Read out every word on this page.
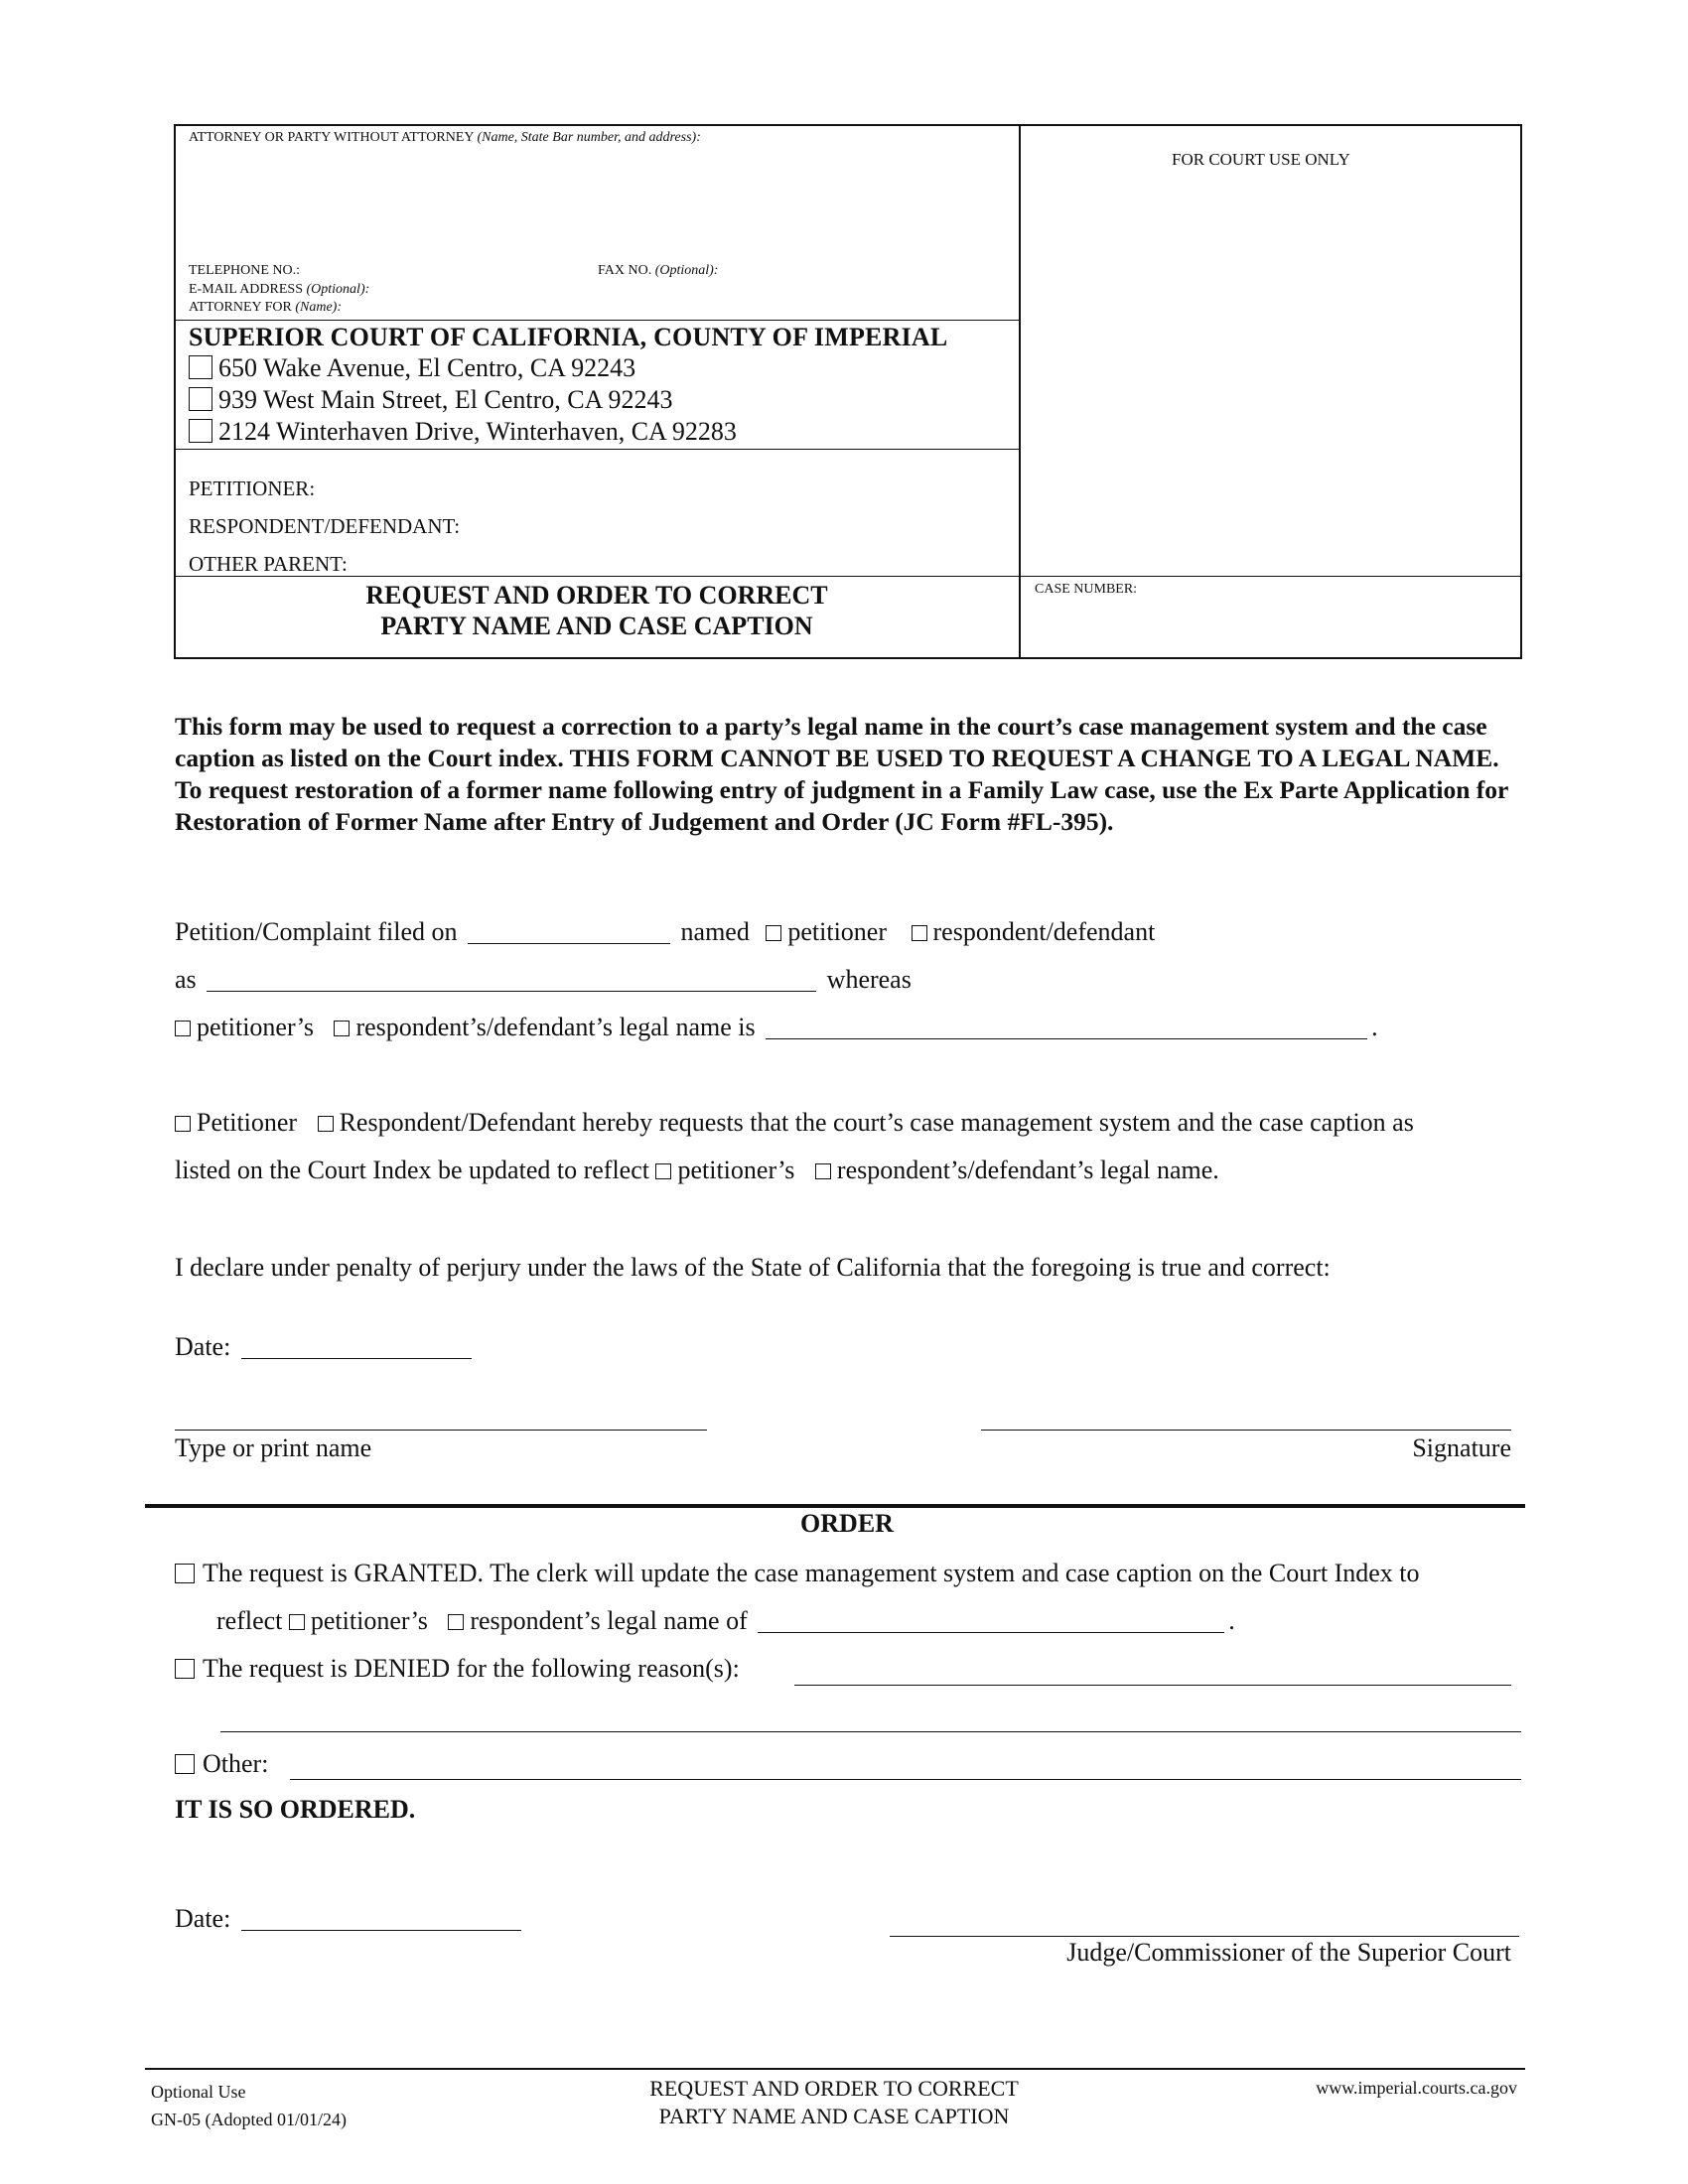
ATTORNEY OR PARTY WITHOUT ATTORNEY (Name, State Bar number, and address):
FOR COURT USE ONLY
TELEPHONE NO.:	FAX NO. (Optional):
E-MAIL ADDRESS (Optional):
ATTORNEY FOR (Name):
SUPERIOR COURT OF CALIFORNIA, COUNTY OF IMPERIAL
650 Wake Avenue, El Centro, CA 92243
939 West Main Street, El Centro, CA 92243
2124 Winterhaven Drive, Winterhaven, CA 92283
PETITIONER:
RESPONDENT/DEFENDANT:
OTHER PARENT:
REQUEST AND ORDER TO CORRECT
PARTY NAME AND CASE CAPTION
CASE NUMBER:
This form may be used to request a correction to a party’s legal name in the court’s case management system and the case caption as listed on the Court index. THIS FORM CANNOT BE USED TO REQUEST A CHANGE TO A LEGAL NAME. To request restoration of a former name following entry of judgment in a Family Law case, use the Ex Parte Application for Restoration of Former Name after Entry of Judgement and Order (JC Form #FL-395).
Petition/Complaint filed on	named petitioner respondent/defendant
as	whereas
petitioner’s respondent’s/defendant’s legal name is	.
Petitioner Respondent/Defendant hereby requests that the court’s case management system and the case caption as
listed on the Court Index be updated to reflect petitioner’s respondent’s/defendant’s legal name.
I declare under penalty of perjury under the laws of the State of California that the foregoing is true and correct:
Date:
Type or print name	Signature
ORDER
The request is GRANTED. The clerk will update the case management system and case caption on the Court Index to
reflect petitioner’s respondent’s legal name of	.
The request is DENIED for the following reason(s):
Other:
IT IS SO ORDERED.
Date:
Judge/Commissioner of the Superior Court
Optional Use
GN-05 (Adopted 01/01/24)
REQUEST AND ORDER TO CORRECT
PARTY NAME AND CASE CAPTION
www.imperial.courts.ca.gov
